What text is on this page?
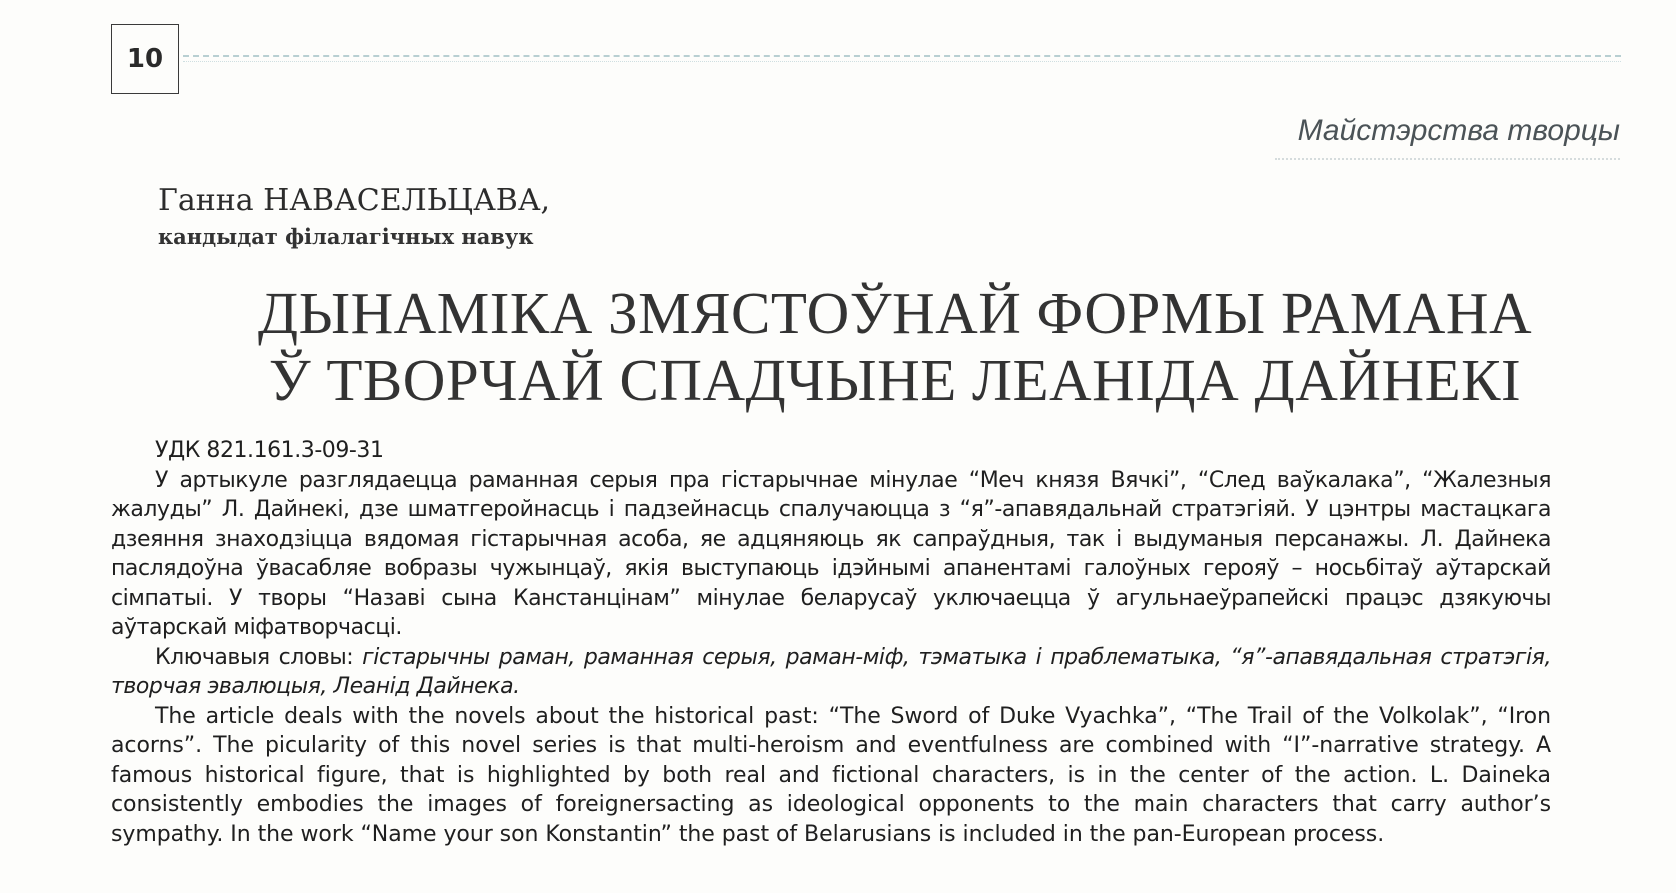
10
Майстэрства творцы
Ганна НАВАСЕЛЬЦАВА,
кандыдат філалагічных навук
ДЫНАМІКА ЗМЯСТОЎНАЙ ФОРМЫ РАМАНА
Ў ТВОРЧАЙ СПАДЧЫНЕ ЛЕАНІДА ДАЙНЕКІ

УДК 821.161.3-09-31

У артыкуле разглядаецца раманная серыя пра гістарычнае мінулае “Меч князя Вячкі”, “След ваўкалака”, “Жалезныя жалуды” Л. Дайнекі, дзе шматгеройнасць і падзейнасць спалучаюцца з “я”-апавядальнай стратэгіяй. У цэнтры мастацкага дзеяння знаходзіцца вядомая гістарычная асоба, яе адцяняюць як сапраўдныя, так і выдуманыя персанажы. Л. Дайнека паслядоўна ўвасабляе вобразы чужынцаў, якія выступаюць ідэйнымі апанентамі галоўных герояў – носьбітаў аўтарскай сімпатыі. У творы “Назаві сына Канстанцінам” мінулае беларусаў уключаецца ў агульнаеўрапейскі працэс дзякуючы аўтарскай міфатворчасці.

Ключавыя словы: гістарычны раман, раманная серыя, раман-міф, тэматыка і праблематыка, “я”-апавядальная стратэгія, творчая эвалюцыя, Леанід Дайнека.

The article deals with the novels about the historical past: “The Sword of Duke Vyachka”, “The Trail of the Volkolak”, “Iron acorns”. The picularity of this novel series is that multi-heroism and eventfulness are combined with “I”-narrative strategy. A famous historical figure, that is highlighted by both real and fictional characters, is in the center of the action. L. Daineka consistently embodies the images of foreignersacting as ideological opponents to the main characters that carry author’s sympathy. In the work “Name your son Konstantin” the past of Belarusians is included in the pan-European process.
